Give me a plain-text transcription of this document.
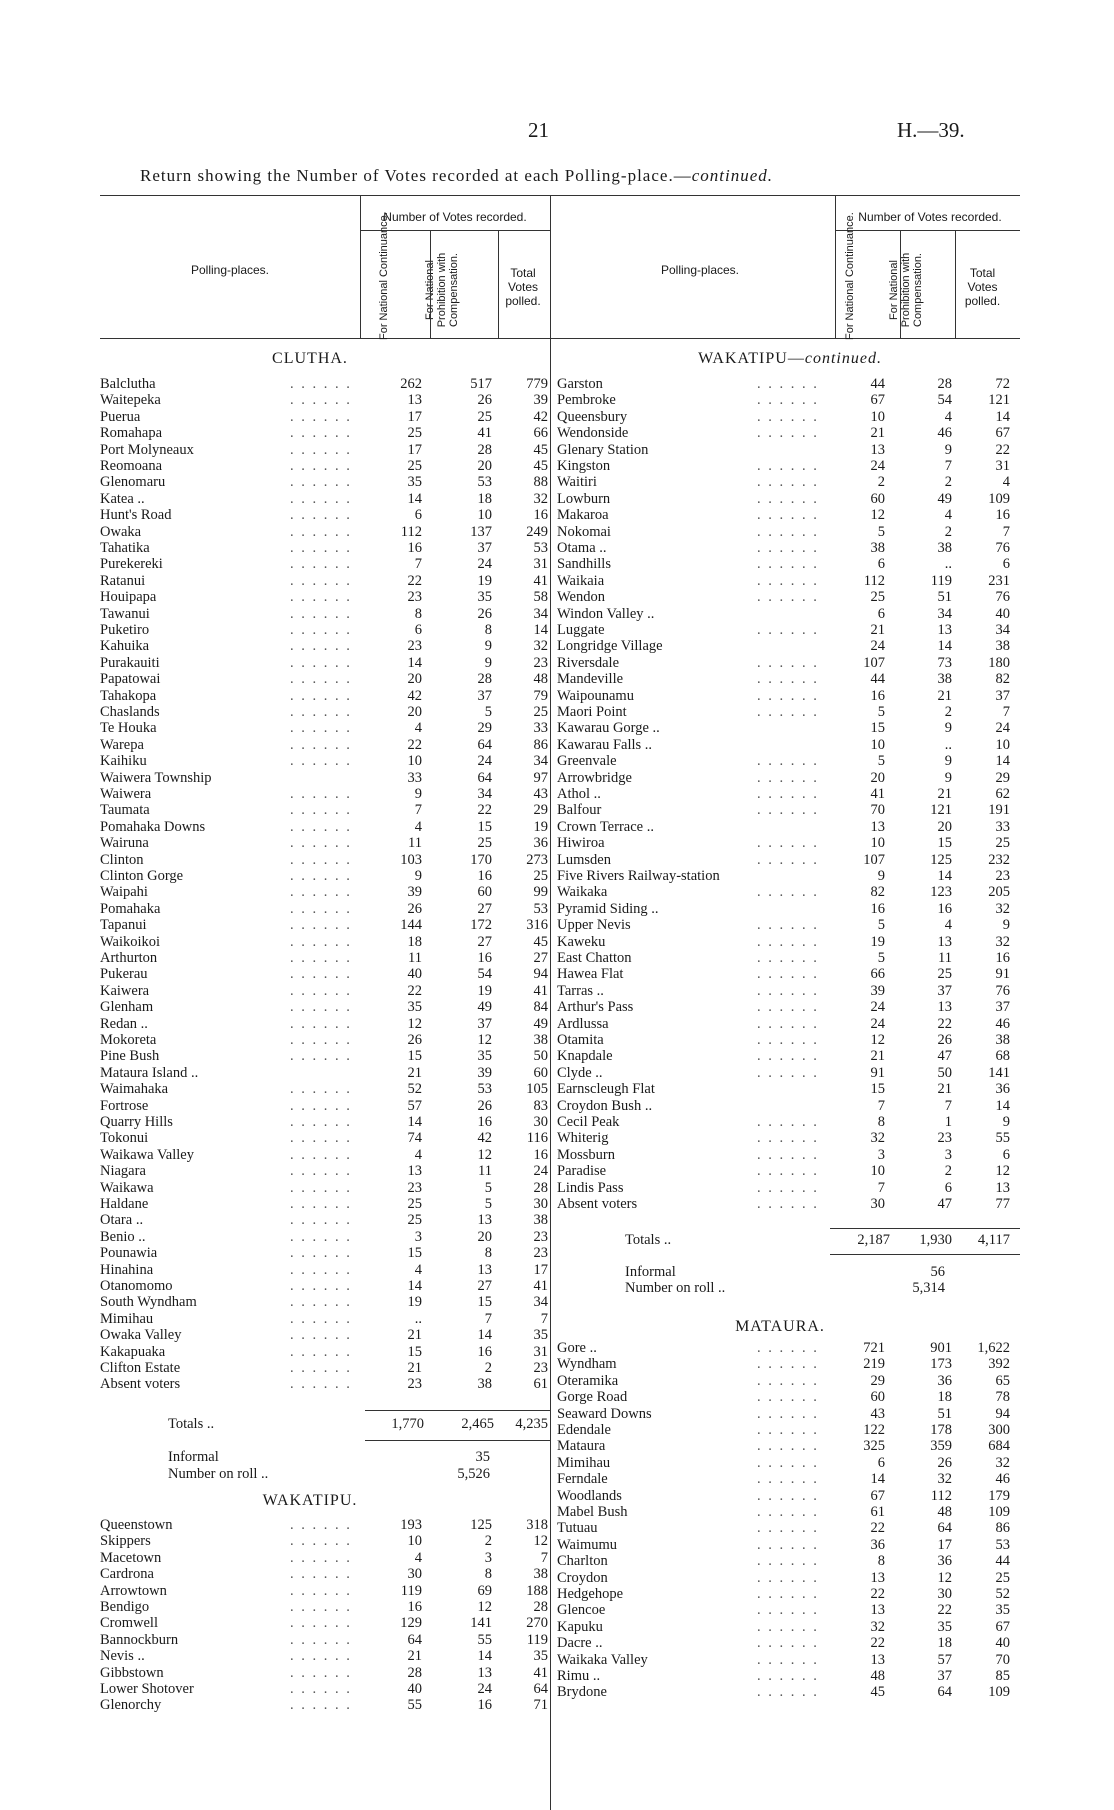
21	H.—39.
Return showing the Number of Votes recorded at each Polling-place.—continued.
Number of Votes recorded.
Polling-places.	For National Continuance.	For National Prohibition with Compensation.	Total Votes polled.
Number of Votes recorded.
Polling-places.	For National Continuance.	For National Prohibition with Compensation.	Total Votes polled.
CLUTHA.	WAKATIPU—continued.
WAKATIPU.
MATAURA.
Balclutha	262	517	779
. . . . . .
Waitepeka	13	26	39
. . . . . .
Puerua	17	25	42
. . . . . .
Romahapa	25	41	66
. . . . . .
Port Molyneaux	17	28	45
. . . . . .
Reomoana	25	20	45
. . . . . .
Glenomaru	35	53	88
. . . . . .
Katea ..	14	18	32
. . . . . .
Hunt's Road	6	10	16
. . . . . .
Owaka	112	137	249
. . . . . .
Tahatika	16	37	53
. . . . . .
Purekereki	7	24	31
. . . . . .
Ratanui	22	19	41
. . . . . .
Houipapa	23	35	58
. . . . . .
Tawanui	8	26	34
. . . . . .
Puketiro	6	8	14
. . . . . .
Kahuika	23	9	32
. . . . . .
Purakauiti	14	9	23
. . . . . .
Papatowai	20	28	48
. . . . . .
Tahakopa	42	37	79
. . . . . .
Chaslands	20	5	25
. . . . . .
Te Houka	4	29	33
. . . . . .
Warepa	22	64	86
. . . . . .
Kaihiku	10	24	34
. . . . . .
Waiwera Township	33	64	97
Waiwera	9	34	43
. . . . . .
Taumata	7	22	29
. . . . . .
Pomahaka Downs	4	15	19
. . . . . .
Wairuna	11	25	36
. . . . . .
Clinton	103	170	273
. . . . . .
Clinton Gorge	9	16	25
. . . . . .
Waipahi	39	60	99
. . . . . .
Pomahaka	26	27	53
. . . . . .
Tapanui	144	172	316
. . . . . .
Waikoikoi	18	27	45
. . . . . .
Arthurton	11	16	27
. . . . . .
Pukerau	40	54	94
. . . . . .
Kaiwera	22	19	41
. . . . . .
Glenham	35	49	84
. . . . . .
Redan ..	12	37	49
. . . . . .
Mokoreta	26	12	38
. . . . . .
Pine Bush	15	35	50
. . . . . .
Mataura Island ..	21	39	60
Waimahaka	52	53	105
. . . . . .
Fortrose	57	26	83
. . . . . .
Quarry Hills	14	16	30
. . . . . .
Tokonui	74	42	116
. . . . . .
Waikawa Valley	4	12	16
. . . . . .
Niagara	13	11	24
. . . . . .
Waikawa	23	5	28
. . . . . .
Haldane	25	5	30
. . . . . .
Otara ..	25	13	38
. . . . . .
Benio ..	3	20	23
. . . . . .
Pounawia	15	8	23
. . . . . .
Hinahina	4	13	17
. . . . . .
Otanomomo	14	27	41
. . . . . .
South Wyndham	19	15	34
. . . . . .
Mimihau	..	7	7
. . . . . .
Owaka Valley	21	14	35
. . . . . .
Kakapuaka	15	16	31
. . . . . .
Clifton Estate	21	2	23
. . . . . .
Absent voters	23	38	61
. . . . . .
Queenstown	193	125	318
. . . . . .
Skippers	10	2	12
. . . . . .
Macetown	4	3	7
. . . . . .
Cardrona	30	8	38
. . . . . .
Arrowtown	119	69	188
. . . . . .
Bendigo	16	12	28
. . . . . .
Cromwell	129	141	270
. . . . . .
Bannockburn	64	55	119
. . . . . .
Nevis ..	21	14	35
. . . . . .
Gibbstown	28	13	41
. . . . . .
Lower Shotover	40	24	64
. . . . . .
Glenorchy	55	16	71
. . . . . .
Garston	44	28	72
. . . . . .
Pembroke	67	54	121
. . . . . .
Queensbury	10	4	14
. . . . . .
Wendonside	21	46	67
. . . . . .
Glenary Station	13	9	22
Kingston	24	7	31
. . . . . .
Waitiri	2	2	4
. . . . . .
Lowburn	60	49	109
. . . . . .
Makaroa	12	4	16
. . . . . .
Nokomai	5	2	7
. . . . . .
Otama ..	38	38	76
. . . . . .
Sandhills	6	..	6
. . . . . .
Waikaia	112	119	231
. . . . . .
Wendon	25	51	76
. . . . . .
Windon Valley ..	6	34	40
Luggate	21	13	34
. . . . . .
Longridge Village	24	14	38
Riversdale	107	73	180
. . . . . .
Mandeville	44	38	82
. . . . . .
Waipounamu	16	21	37
. . . . . .
Maori Point	5	2	7
. . . . . .
Kawarau Gorge ..	15	9	24
Kawarau Falls ..	10	..	10
Greenvale	5	9	14
. . . . . .
Arrowbridge	20	9	29
. . . . . .
Athol ..	41	21	62
. . . . . .
Balfour	70	121	191
. . . . . .
Crown Terrace ..	13	20	33
Hiwiroa	10	15	25
. . . . . .
Lumsden	107	125	232
. . . . . .
Five Rivers Railway-station	9	14	23
Waikaka	82	123	205
. . . . . .
Pyramid Siding ..	16	16	32
Upper Nevis	5	4	9
. . . . . .
Kaweku	19	13	32
. . . . . .
East Chatton	5	11	16
. . . . . .
Hawea Flat	66	25	91
. . . . . .
Tarras ..	39	37	76
. . . . . .
Arthur's Pass	24	13	37
. . . . . .
Ardlussa	24	22	46
. . . . . .
Otamita	12	26	38
. . . . . .
Knapdale	21	47	68
. . . . . .
Clyde ..	91	50	141
. . . . . .
Earnscleugh Flat	15	21	36
Croydon Bush ..	7	7	14
Cecil Peak	8	1	9
. . . . . .
Whiterig	32	23	55
. . . . . .
Mossburn	3	3	6
. . . . . .
Paradise	10	2	12
. . . . . .
Lindis Pass	7	6	13
. . . . . .
Absent voters	30	47	77
. . . . . .
Gore ..	721	901	1,622
. . . . . .
Wyndham	219	173	392
. . . . . .
Oteramika	29	36	65
. . . . . .
Gorge Road	60	18	78
. . . . . .
Seaward Downs	43	51	94
. . . . . .
Edendale	122	178	300
. . . . . .
Mataura	325	359	684
. . . . . .
Mimihau	6	26	32
. . . . . .
Ferndale	14	32	46
. . . . . .
Woodlands	67	112	179
. . . . . .
Mabel Bush	61	48	109
. . . . . .
Tutuau	22	64	86
. . . . . .
Waimumu	36	17	53
. . . . . .
Charlton	8	36	44
. . . . . .
Croydon	13	12	25
. . . . . .
Hedgehope	22	30	52
. . . . . .
Glencoe	13	22	35
. . . . . .
Kapuku	32	35	67
. . . . . .
Dacre ..	22	18	40
. . . . . .
Waikaka Valley	13	57	70
. . . . . .
Rimu ..	48	37	85
. . . . . .
Brydone	45	64	109
. . . . . .
Totals ..	1,770	2,465	4,235
Informal	35
Number on roll ..	5,526
Totals ..	2,187	1,930	4,117
Informal	56
Number on roll ..	5,314
